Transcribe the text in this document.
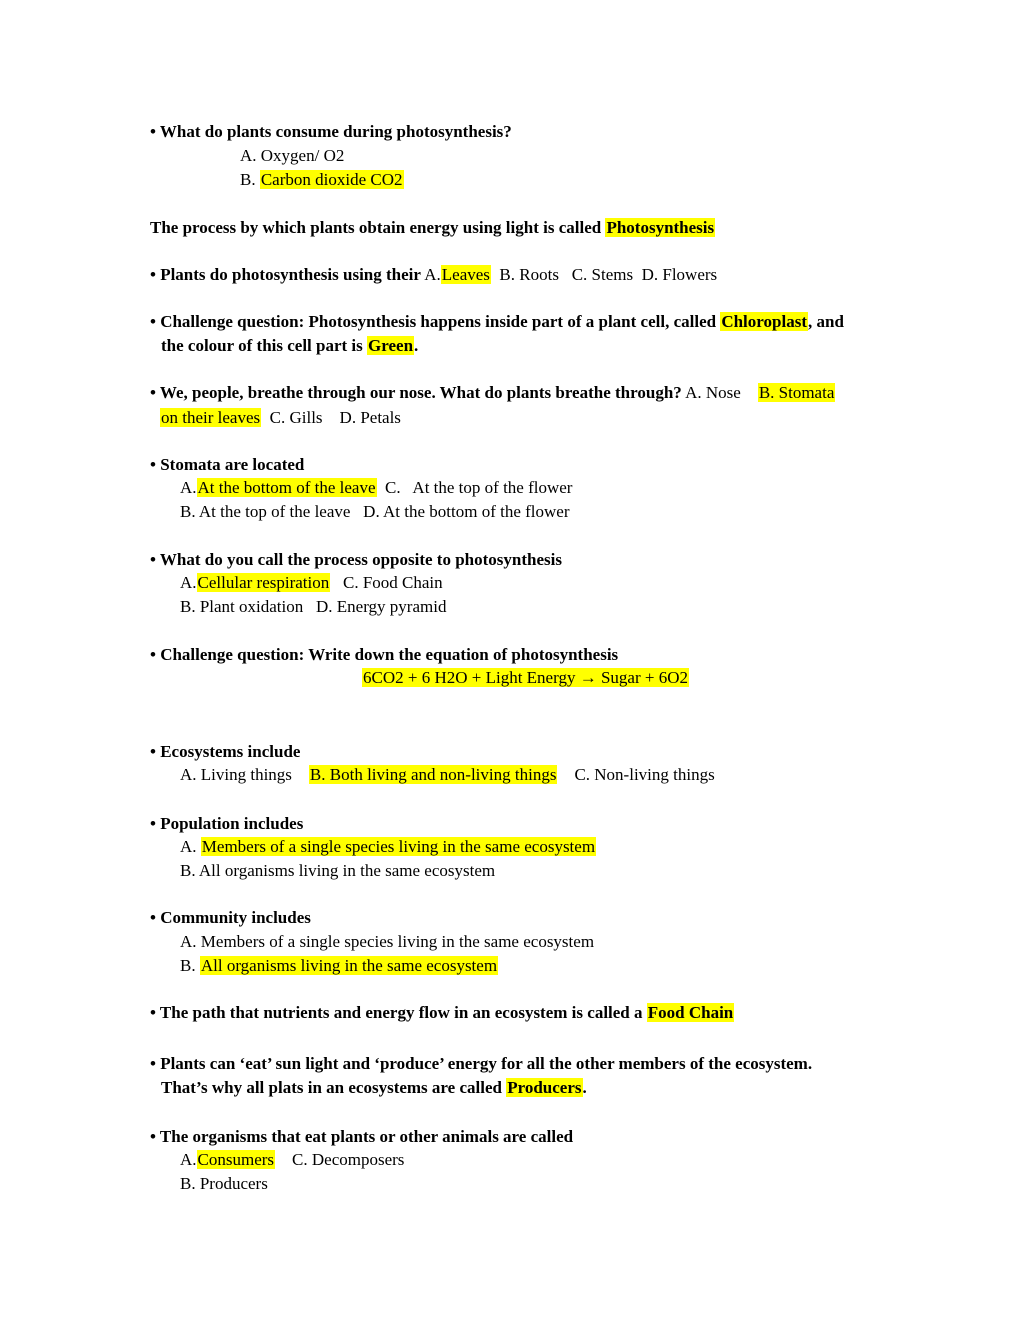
• What do plants consume during photosynthesis?
A. Oxygen/ O2
B. Carbon dioxide CO2
The process by which plants obtain energy using light is called Photosynthesis
• Plants do photosynthesis using their A.Leaves B. Roots   C. Stems  D. Flowers
• Challenge question: Photosynthesis happens inside part of a plant cell, called Chloroplast, and
the colour of this cell part is Green.
• We, people, breathe through our nose. What do plants breathe through? A. Nose B. Stomata
on their leaves C. Gills    D. Petals
• Stomata are located
A.At the bottom of the leave C.   At the top of the flower
B. At the top of the leave   D. At the bottom of the flower
• What do you call the process opposite to photosynthesis
A.Cellular respiration C. Food Chain
B. Plant oxidation   D. Energy pyramid
• Challenge question: Write down the equation of photosynthesis
6CO2 + 6 H2O + Light Energy → Sugar + 6O2
• Ecosystems include
A. Living things B. Both living and non-living things C. Non-living things
• Population includes
A. Members of a single species living in the same ecosystem
B. All organisms living in the same ecosystem
• Community includes
A. Members of a single species living in the same ecosystem
B. All organisms living in the same ecosystem
• The path that nutrients and energy flow in an ecosystem is called a Food Chain
• Plants can ‘eat’ sun light and ‘produce’ energy for all the other members of the ecosystem.
That’s why all plats in an ecosystems are called Producers.
• The organisms that eat plants or other animals are called
A.Consumers C. Decomposers
B. Producers
